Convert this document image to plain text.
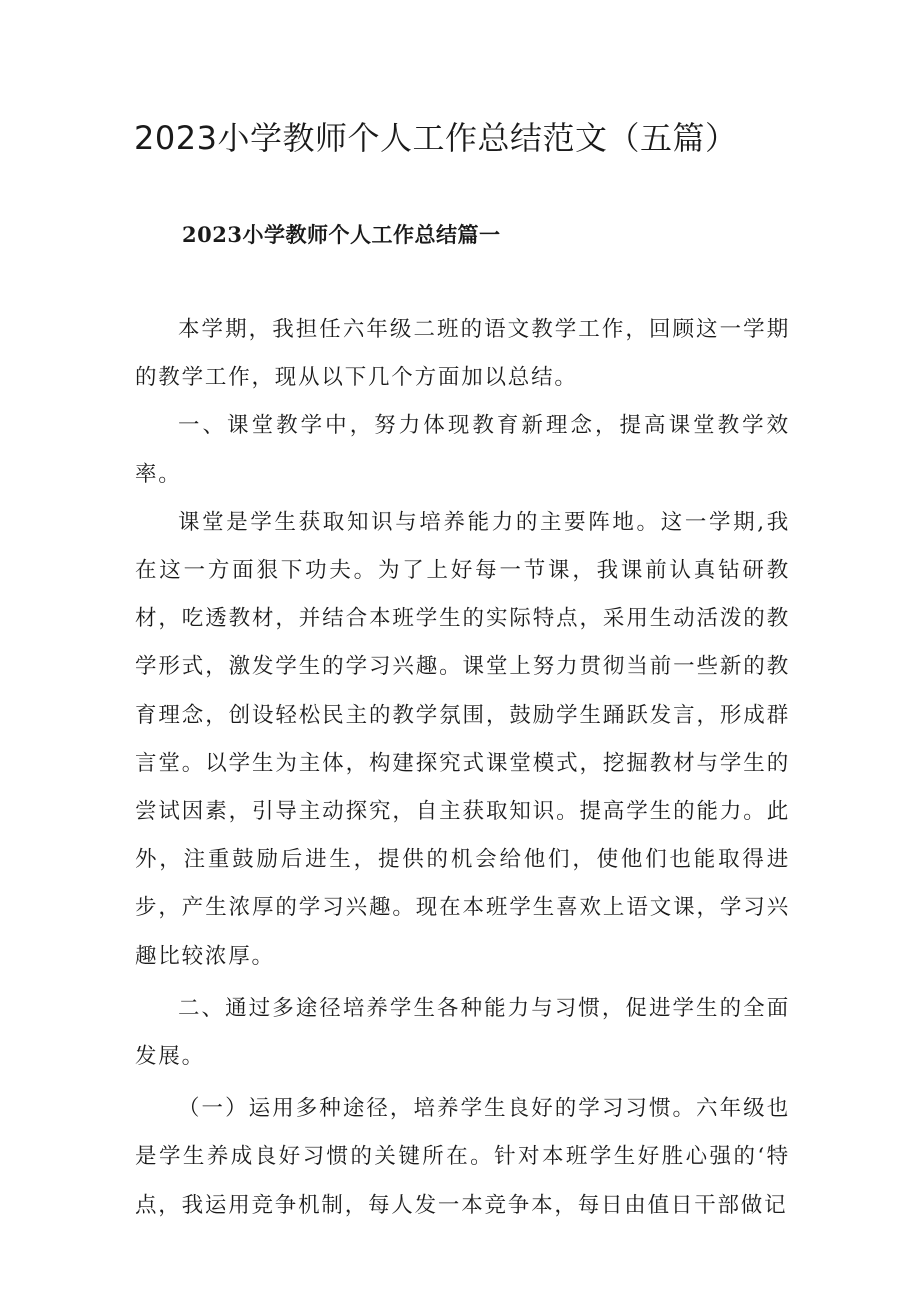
2023小学教师个人工作总结范文（五篇）
2023小学教师个人工作总结篇一

本学期，我担任六年级二班的语文教学工作，回顾这一学期的教学工作，现从以下几个方面加以总结。

一、课堂教学中，努力体现教育新理念，提高课堂教学效率。

课堂是学生获取知识与培养能力的主要阵地。这一学期,我在这一方面狠下功夫。为了上好每一节课，我课前认真钻研教材，吃透教材，并结合本班学生的实际特点，采用生动活泼的教学形式，激发学生的学习兴趣。课堂上努力贯彻当前一些新的教育理念，创设轻松民主的教学氛围，鼓励学生踊跃发言，形成群言堂。以学生为主体，构建探究式课堂模式，挖掘教材与学生的尝试因素，引导主动探究，自主获取知识。提高学生的能力。此外，注重鼓励后进生，提供的机会给他们，使他们也能取得进步，产生浓厚的学习兴趣。现在本班学生喜欢上语文课，学习兴趣比较浓厚。

二、通过多途径培养学生各种能力与习惯，促进学生的全面发展。

（一）运用多种途径，培养学生良好的学习习惯。六年级也是学生养成良好习惯的关键所在。针对本班学生好胜心强的‘特点，我运用竞争机制，每人发一本竞争本，每日由值日干部做记
